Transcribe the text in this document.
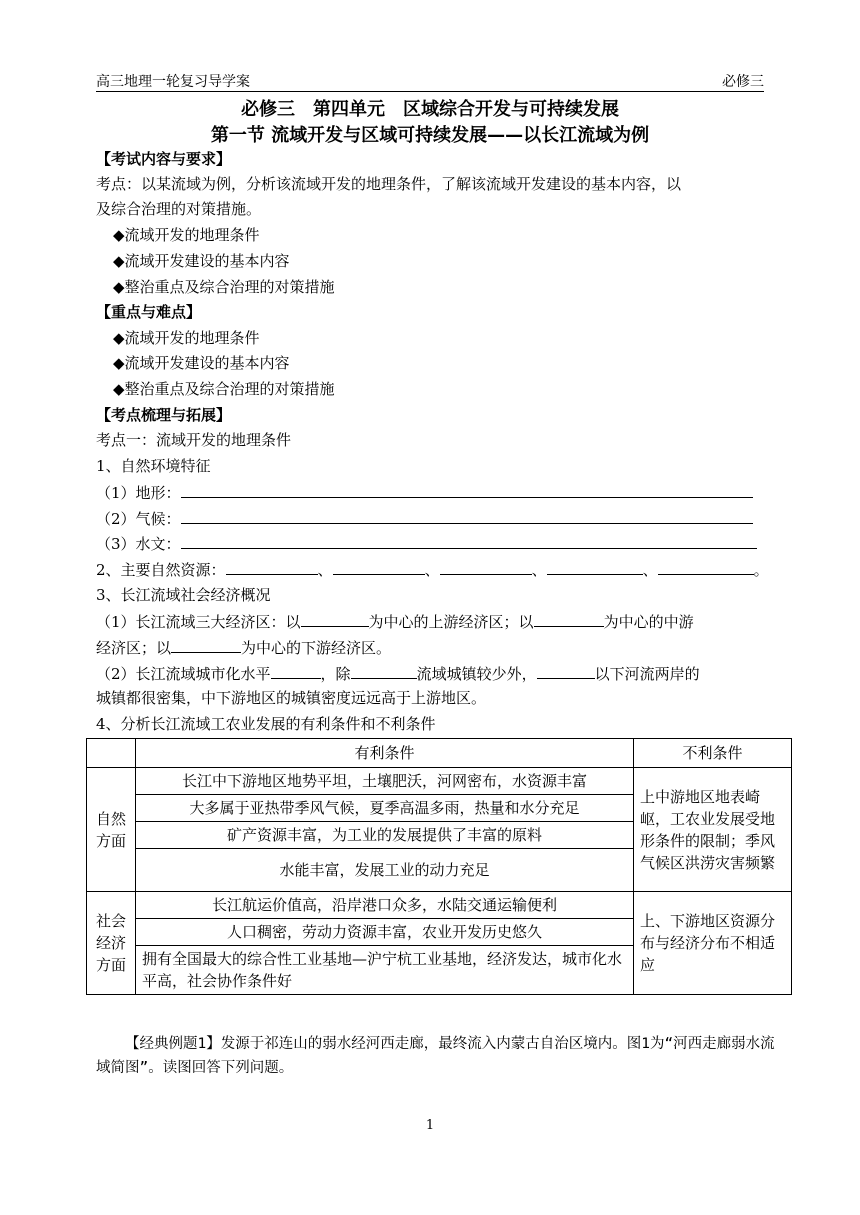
高三地理一轮复习导学案	必修三
必修三　第四单元　区域综合开发与可持续发展
第一节 流域开发与区域可持续发展——以长江流域为例
【考试内容与要求】
考点：以某流域为例，分析该流域开发的地理条件，了解该流域开发建设的基本内容，以
及综合治理的对策措施。
◆流域开发的地理条件
◆流域开发建设的基本内容
◆整治重点及综合治理的对策措施
【重点与难点】
◆流域开发的地理条件
◆流域开发建设的基本内容
◆整治重点及综合治理的对策措施
【考点梳理与拓展】
考点一：流域开发的地理条件
1、自然环境特征
（1）地形：
（2）气候：
（3）水文：
2、主要自然资源：	、	、	、	、	。
3、长江流域社会经济概况
（1）长江流域三大经济区：以	为中心的上游经济区；以	为中心的中游
经济区；以	为中心的下游经济区。
（2）长江流域城市化水平	，除	流域城镇较少外，	以下河流两岸的
城镇都很密集，中下游地区的城镇密度远远高于上游地区。
4、分析长江流域工农业发展的有利条件和不利条件
	有利条件	不利条件
自然方面	长江中下游地区地势平坦，土壤肥沃，河网密布，水资源丰富	上中游地区地表崎岖，工农业发展受地形条件的限制；季风气候区洪涝灾害频繁
	大多属于亚热带季风气候，夏季高温多雨，热量和水分充足	
	矿产资源丰富，为工业的发展提供了丰富的原料	
	水能丰富，发展工业的动力充足	
社会经济方面	长江航运价值高，沿岸港口众多，水陆交通运输便利	上、下游地区资源分布与经济分布不相适应
	人口稠密，劳动力资源丰富，农业开发历史悠久	
	拥有全国最大的综合性工业基地—沪宁杭工业基地，经济发达，城市化水平高，社会协作条件好	
【经典例题1】发源于祁连山的弱水经河西走廊，最终流入内蒙古自治区境内。图1为“河西走廊弱水流域简图”。读图回答下列问题。
1
